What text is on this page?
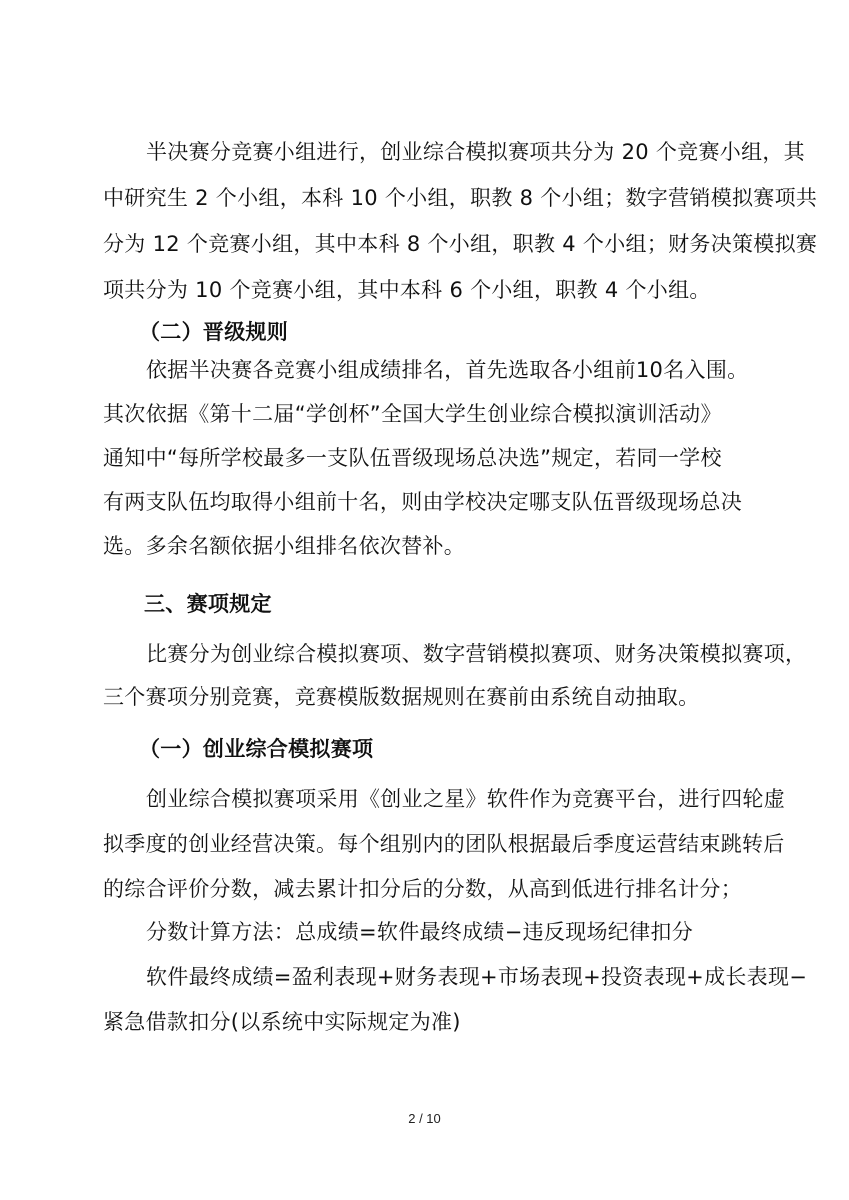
半决赛分竞赛小组进行，创业综合模拟赛项共分为 20 个竞赛小组，其
中研究生 2 个小组，本科 10 个小组，职教 8 个小组；数字营销模拟赛项共
分为 12 个竞赛小组，其中本科 8 个小组，职教 4 个小组；财务决策模拟赛
项共分为 10 个竞赛小组，其中本科 6 个小组，职教 4 个小组。
（二）晋级规则
依据半决赛各竞赛小组成绩排名，首先选取各小组前10名入围。
其次依据《第十二届“学创杯”全国大学生创业综合模拟演训活动》
通知中“每所学校最多一支队伍晋级现场总决选”规定，若同一学校
有两支队伍均取得小组前十名，则由学校决定哪支队伍晋级现场总决
选。多余名额依据小组排名依次替补。
三、赛项规定
比赛分为创业综合模拟赛项、数字营销模拟赛项、财务决策模拟赛项，
三个赛项分别竞赛，竞赛模版数据规则在赛前由系统自动抽取。
（一）创业综合模拟赛项
创业综合模拟赛项采用《创业之星》软件作为竞赛平台，进行四轮虚
拟季度的创业经营决策。每个组别内的团队根据最后季度运营结束跳转后
的综合评价分数，减去累计扣分后的分数，从高到低进行排名计分；
分数计算方法：总成绩=软件最终成绩−违反现场纪律扣分
软件最终成绩=盈利表现+财务表现+市场表现+投资表现+成长表现−
紧急借款扣分(以系统中实际规定为准)
2 / 10
